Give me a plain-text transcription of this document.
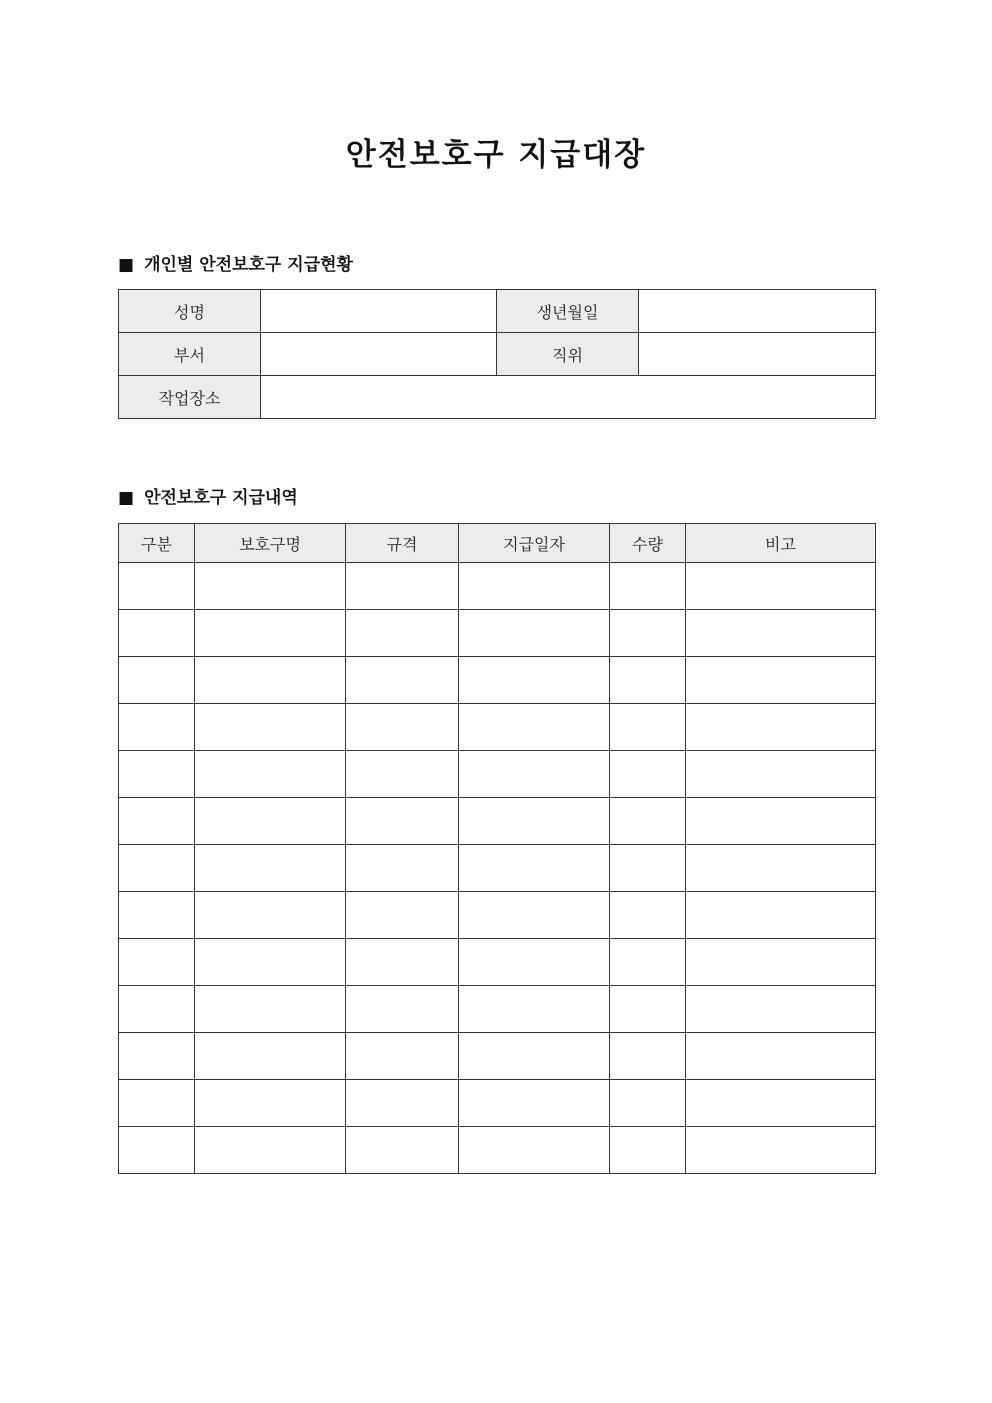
안전보호구 지급대장
■ 개인별 안전보호구 지급현황
성명		생년월일	
부서		직위	
작업장소			
■ 안전보호구 지급내역
구분	보호구명	규격	지급일자	수량	비고
